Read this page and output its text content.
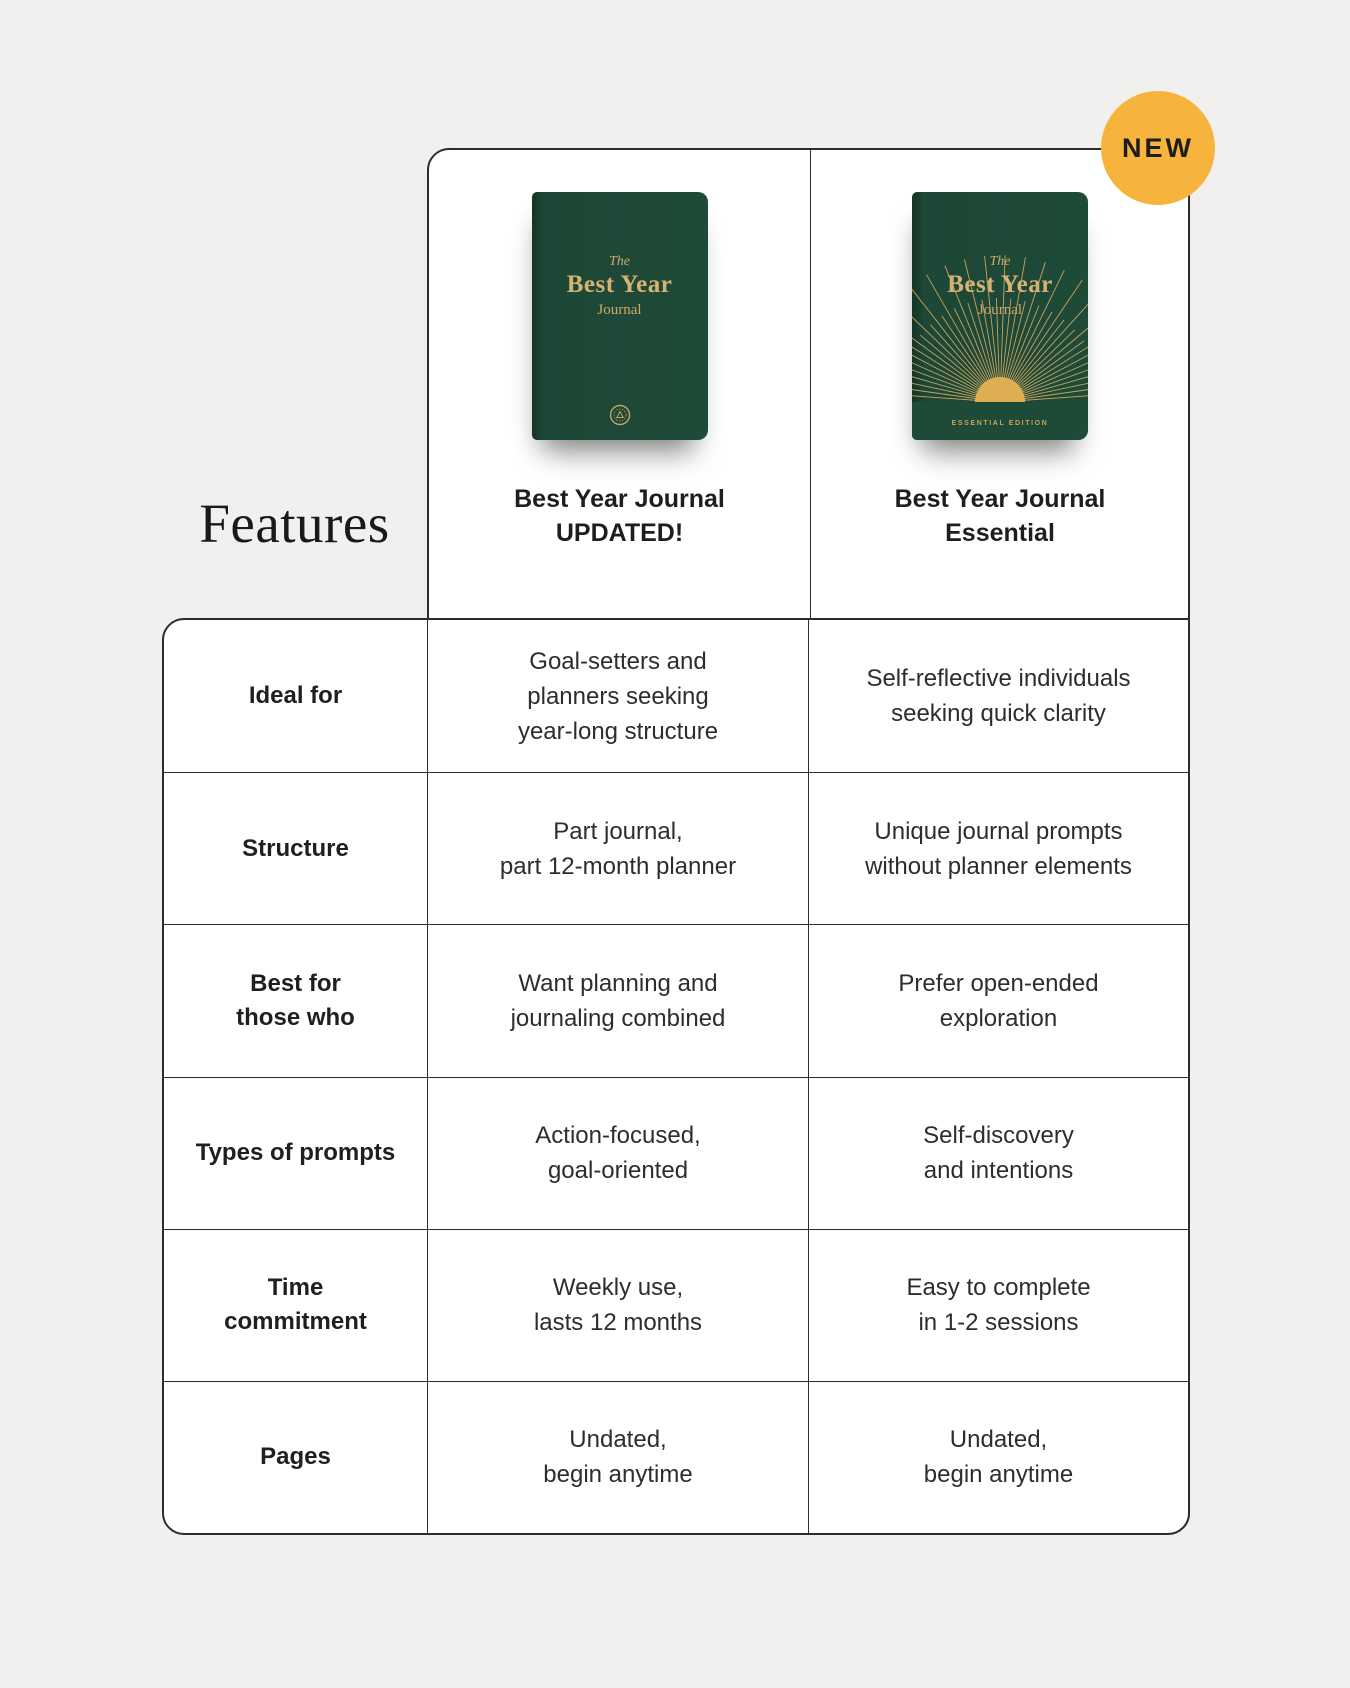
Features
The
Best Year
Journal
Best Year Journal
UPDATED!
ESSENTIAL EDITION
The
Best Year
Journal
Best Year Journal
Essential
Ideal for
Goal-setters and
planners seeking
year-long structure
Self-reflective individuals
seeking quick clarity
Structure
Part journal,
part 12-month planner
Unique journal prompts
without planner elements
Best for
those who
Want planning and
journaling combined
Prefer open-ended
exploration
Types of prompts
Action-focused,
goal-oriented
Self-discovery
and intentions
Time
commitment
Weekly use,
lasts 12 months
Easy to complete
in 1-2 sessions
Pages
Undated,
begin anytime
Undated,
begin anytime
NEW
